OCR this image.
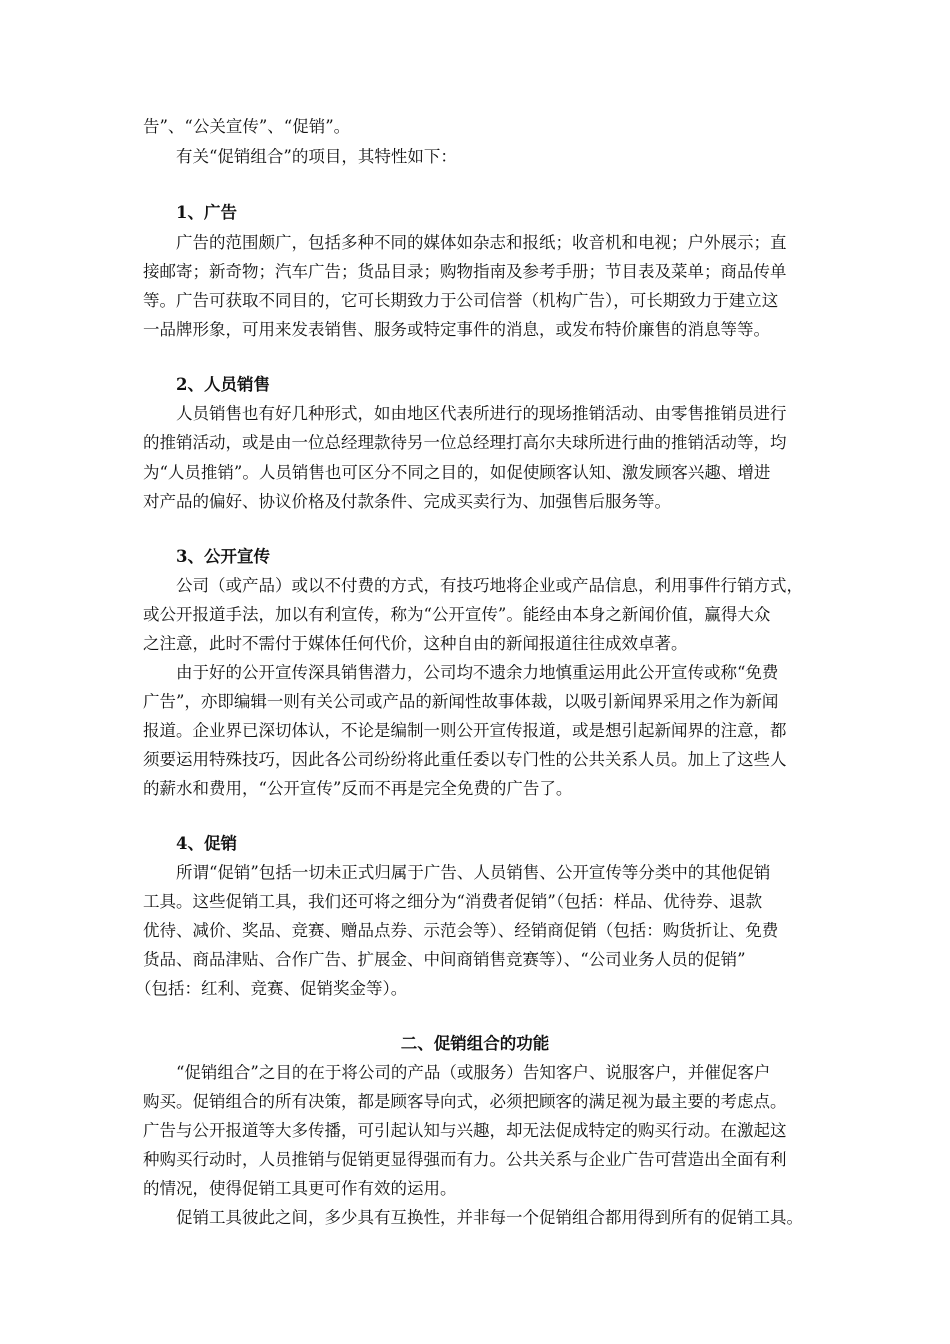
告”、“公关宣传”、“促销”。
有关“促销组合”的项目，其特性如下：
1、广告
广告的范围颇广，包括多种不同的媒体如杂志和报纸；收音机和电视；户外展示；直
接邮寄；新奇物；汽车广告；货品目录；购物指南及参考手册；节目表及菜单；商品传单
等。广告可获取不同目的，它可长期致力于公司信誉（机构广告），可长期致力于建立这
一品牌形象，可用来发表销售、服务或特定事件的消息，或发布特价廉售的消息等等。
2、人员销售
人员销售也有好几种形式，如由地区代表所进行的现场推销活动、由零售推销员进行
的推销活动，或是由一位总经理款待另一位总经理打高尔夫球所进行曲的推销活动等，均
为“人员推销”。人员销售也可区分不同之目的，如促使顾客认知、激发顾客兴趣、增进
对产品的偏好、协议价格及付款条件、完成买卖行为、加强售后服务等。
3、公开宣传
公司（或产品）或以不付费的方式，有技巧地将企业或产品信息，利用事件行销方式，
或公开报道手法，加以有利宣传，称为“公开宣传”。能经由本身之新闻价值，赢得大众
之注意，此时不需付于媒体任何代价，这种自由的新闻报道往往成效卓著。
由于好的公开宣传深具销售潜力，公司均不遗余力地慎重运用此公开宣传或称“免费
广告”，亦即编辑一则有关公司或产品的新闻性故事体裁，以吸引新闻界采用之作为新闻
报道。企业界已深切体认，不论是编制一则公开宣传报道，或是想引起新闻界的注意，都
须要运用特殊技巧，因此各公司纷纷将此重任委以专门性的公共关系人员。加上了这些人
的薪水和费用，“公开宣传”反而不再是完全免费的广告了。
4、促销
所谓“促销”包括一切未正式归属于广告、人员销售、公开宣传等分类中的其他促销
工具。这些促销工具，我们还可将之细分为“消费者促销”（包括：样品、优待券、退款
优待、减价、奖品、竞赛、赠品点券、示范会等）、经销商促销（包括：购货折让、免费
货品、商品津贴、合作广告、扩展金、中间商销售竞赛等）、“公司业务人员的促销”
（包括：红利、竞赛、促销奖金等）。
二、促销组合的功能
“促销组合”之目的在于将公司的产品（或服务）告知客户、说服客户，并催促客户
购买。促销组合的所有决策，都是顾客导向式，必须把顾客的满足视为最主要的考虑点。
广告与公开报道等大多传播，可引起认知与兴趣，却无法促成特定的购买行动。在激起这
种购买行动时，人员推销与促销更显得强而有力。公共关系与企业广告可营造出全面有利
的情况，使得促销工具更可作有效的运用。
促销工具彼此之间，多少具有互换性，并非每一个促销组合都用得到所有的促销工具。
